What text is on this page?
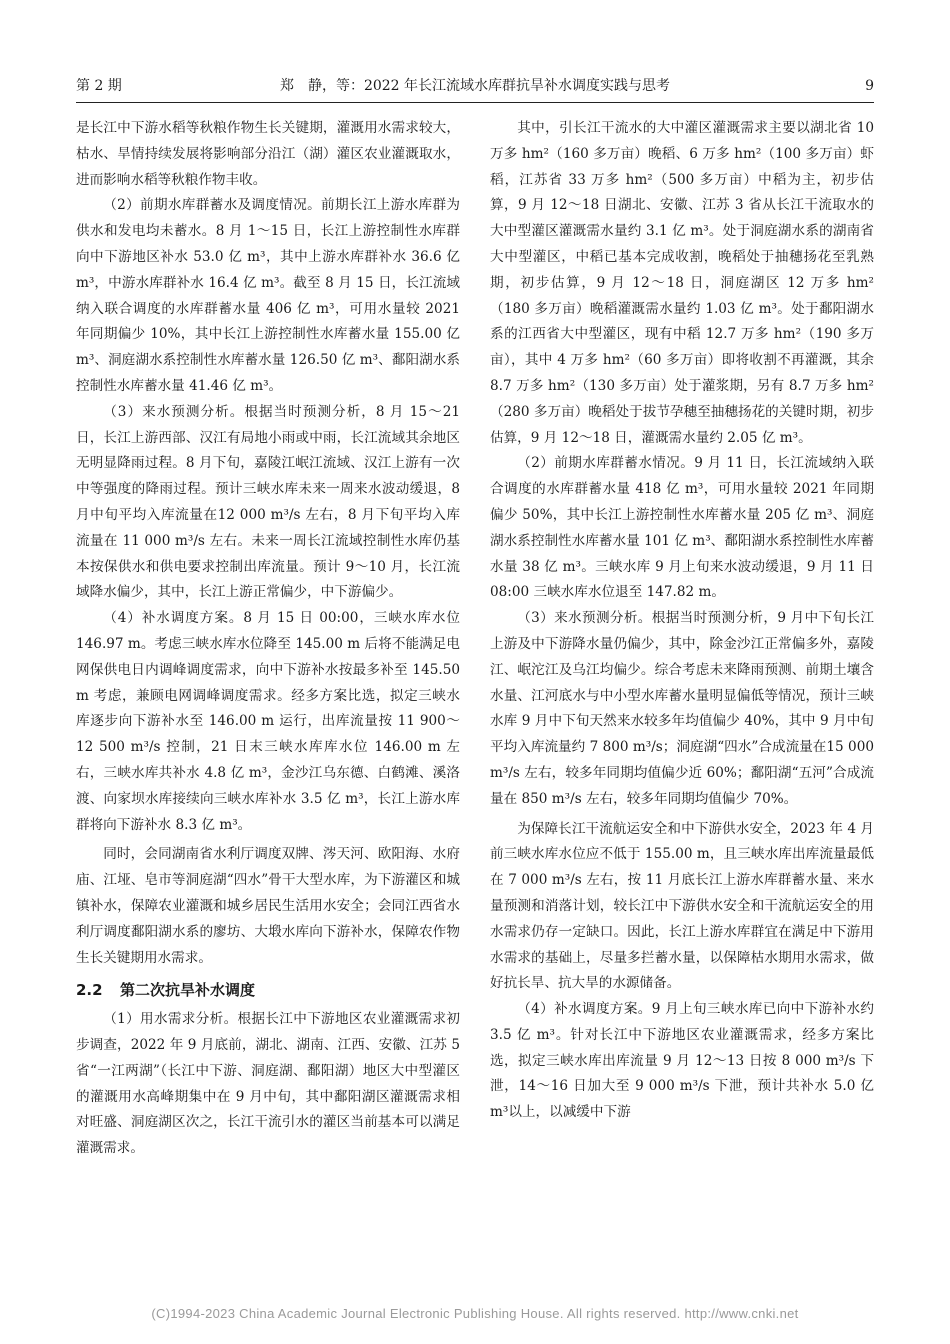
第 2 期	郑　静，等：2022 年长江流域水库群抗旱补水调度实践与思考	9

是长江中下游水稻等秋粮作物生长关键期，灌溉用水需求较大，枯水、旱情持续发展将影响部分沿江（湖）灌区农业灌溉取水，进而影响水稻等秋粮作物丰收。

（2）前期水库群蓄水及调度情况。前期长江上游水库群为供水和发电均未蓄水。8 月 1～15 日，长江上游控制性水库群向中下游地区补水 53.0 亿 m³，其中上游水库群补水 36.6 亿 m³，中游水库群补水 16.4 亿 m³。截至 8 月 15 日，长江流域纳入联合调度的水库群蓄水量 406 亿 m³，可用水量较 2021 年同期偏少 10%，其中长江上游控制性水库蓄水量 155.00 亿 m³、洞庭湖水系控制性水库蓄水量 126.50 亿 m³、鄱阳湖水系控制性水库蓄水量 41.46 亿 m³。

（3）来水预测分析。根据当时预测分析，8 月 15～21 日，长江上游西部、汉江有局地小雨或中雨，长江流域其余地区无明显降雨过程。8 月下旬，嘉陵江岷江流域、汉江上游有一次中等强度的降雨过程。预计三峡水库未来一周来水波动缓退，8 月中旬平均入库流量在12 000 m³/s 左右，8 月下旬平均入库流量在 11 000 m³/s 左右。未来一周长江流域控制性水库仍基本按保供水和供电要求控制出库流量。预计 9～10 月，长江流域降水偏少，其中，长江上游正常偏少，中下游偏少。

（4）补水调度方案。8 月 15 日 00:00，三峡水库水位 146.97 m。考虑三峡水库水位降至 145.00 m 后将不能满足电网保供电日内调峰调度需求，向中下游补水按最多补至 145.50 m 考虑，兼顾电网调峰调度需求。经多方案比选，拟定三峡水库逐步向下游补水至 146.00 m 运行，出库流量按 11 900～12 500 m³/s 控制，21 日末三峡水库库水位 146.00 m 左右，三峡水库共补水 4.8 亿 m³，金沙江乌东德、白鹤滩、溪洛渡、向家坝水库接续向三峡水库补水 3.5 亿 m³，长江上游水库群将向下游补水 8.3 亿 m³。

同时，会同湖南省水利厅调度双牌、涔天河、欧阳海、水府庙、江垭、皂市等洞庭湖“四水”骨干大型水库，为下游灌区和城镇补水，保障农业灌溉和城乡居民生活用水安全；会同江西省水利厅调度鄱阳湖水系的廖坊、大塅水库向下游补水，保障农作物生长关键期用水需求。

2.2 第二次抗旱补水调度

（1）用水需求分析。根据长江中下游地区农业灌溉需求初步调查，2022 年 9 月底前，湖北、湖南、江西、安徽、江苏 5 省“一江两湖”（长江中下游、洞庭湖、鄱阳湖）地区大中型灌区的灌溉用水高峰期集中在 9 月中旬，其中鄱阳湖区灌溉需求相对旺盛、洞庭湖区次之，长江干流引水的灌区当前基本可以满足灌溉需求。

其中，引长江干流水的大中灌区灌溉需求主要以湖北省 10 万多 hm²（160 多万亩）晚稻、6 万多 hm²（100 多万亩）虾稻，江苏省 33 万多 hm²（500 多万亩）中稻为主，初步估算，9 月 12～18 日湖北、安徽、江苏 3 省从长江干流取水的大中型灌区灌溉需水量约 3.1 亿 m³。处于洞庭湖水系的湖南省大中型灌区，中稻已基本完成收割，晚稻处于抽穗扬花至乳熟期，初步估算，9 月 12～18 日，洞庭湖区 12 万多 hm²（180 多万亩）晚稻灌溉需水量约 1.03 亿 m³。处于鄱阳湖水系的江西省大中型灌区，现有中稻 12.7 万多 hm²（190 多万亩），其中 4 万多 hm²（60 多万亩）即将收割不再灌溉，其余 8.7 万多 hm²（130 多万亩）处于灌浆期，另有 8.7 万多 hm²（280 多万亩）晚稻处于拔节孕穗至抽穗扬花的关键时期，初步估算，9 月 12～18 日，灌溉需水量约 2.05 亿 m³。

（2）前期水库群蓄水情况。9 月 11 日，长江流域纳入联合调度的水库群蓄水量 418 亿 m³，可用水量较 2021 年同期偏少 50%，其中长江上游控制性水库蓄水量 205 亿 m³、洞庭湖水系控制性水库蓄水量 101 亿 m³、鄱阳湖水系控制性水库蓄水量 38 亿 m³。三峡水库 9 月上旬来水波动缓退，9 月 11 日 08:00 三峡水库水位退至 147.82 m。

（3）来水预测分析。根据当时预测分析，9 月中下旬长江上游及中下游降水量仍偏少，其中，除金沙江正常偏多外，嘉陵江、岷沱江及乌江均偏少。综合考虑未来降雨预测、前期土壤含水量、江河底水与中小型水库蓄水量明显偏低等情况，预计三峡水库 9 月中下旬天然来水较多年均值偏少 40%，其中 9 月中旬平均入库流量约 7 800 m³/s；洞庭湖“四水”合成流量在15 000 m³/s 左右，较多年同期均值偏少近 60%；鄱阳湖“五河”合成流量在 850 m³/s 左右，较多年同期均值偏少 70%。

为保障长江干流航运安全和中下游供水安全，2023 年 4 月前三峡水库水位应不低于 155.00 m，且三峡水库出库流量最低在 7 000 m³/s 左右，按 11 月底长江上游水库群蓄水量、来水量预测和消落计划，较长江中下游供水安全和干流航运安全的用水需求仍存一定缺口。因此，长江上游水库群宜在满足中下游用水需求的基础上，尽量多拦蓄水量，以保障枯水期用水需求，做好抗长旱、抗大旱的水源储备。

（4）补水调度方案。9 月上旬三峡水库已向中下游补水约 3.5 亿 m³。针对长江中下游地区农业灌溉需求，经多方案比选，拟定三峡水库出库流量 9 月 12～13 日按 8 000 m³/s 下泄，14～16 日加大至 9 000 m³/s 下泄，预计共补水 5.0 亿 m³以上，以减缓中下游

(C)1994-2023 China Academic Journal Electronic Publishing House. All rights reserved. http://www.cnki.net
